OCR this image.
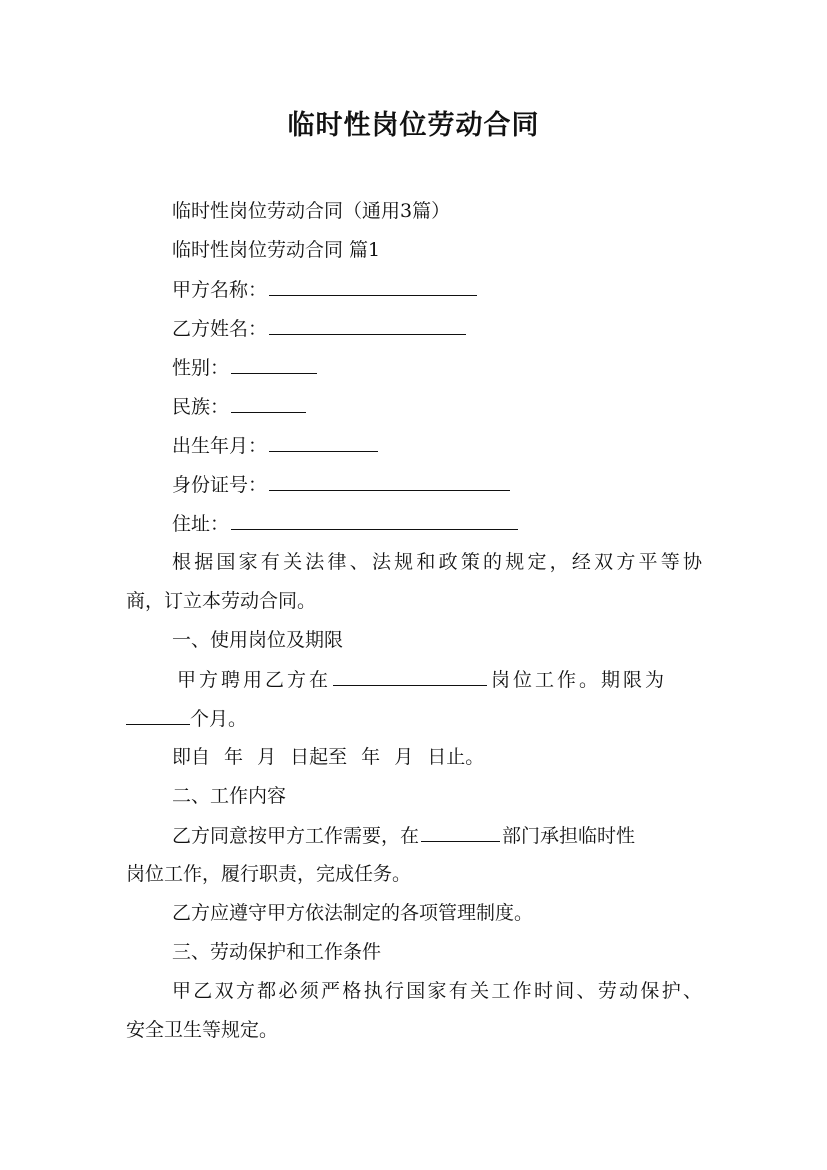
临时性岗位劳动合同
临时性岗位劳动合同（通用3篇）
临时性岗位劳动合同 篇1
甲方名称：
乙方姓名：
性别：
民族：
出生年月：
身份证号：
住址：
根据国家有关法律、法规和政策的规定，经双方平等协
商，订立本劳动合同。
一、使用岗位及期限
甲方聘用乙方在	岗位工作。期限为
个月。
即自 年 月 日起至 年 月 日止。
二、工作内容
乙方同意按甲方工作需要，在	部门承担临时性
岗位工作，履行职责，完成任务。
乙方应遵守甲方依法制定的各项管理制度。
三、劳动保护和工作条件
甲乙双方都必须严格执行国家有关工作时间、劳动保护、
安全卫生等规定。
